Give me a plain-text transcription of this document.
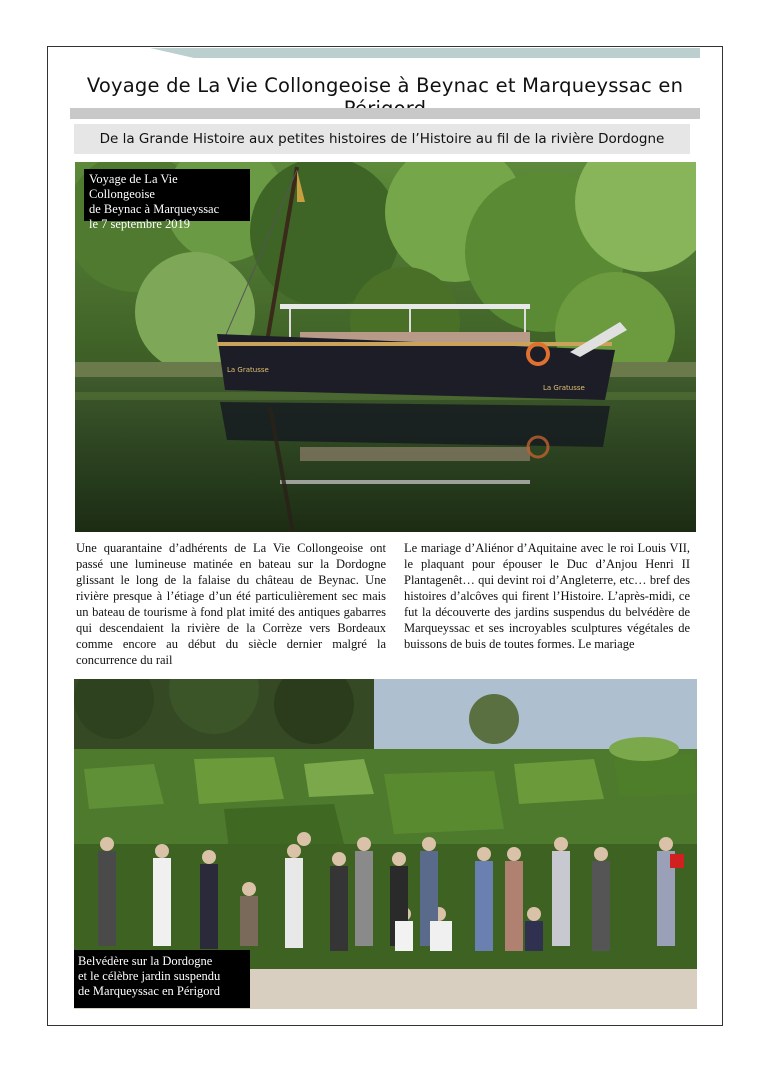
Voyage de La Vie Collongeoise à Beynac et Marqueyssac en
De la Grande Histoire aux petites histoires de l’Histoire au fil de la rivière Dordogne
La Gratusse
La Gratusse
Voyage de La Vie Collongeoise
de Beynac à Marqueyssac
le 7 septembre 2019
Une quarantaine d’adhérents de La Vie Collongeoise ont passé une lumineuse matinée en bateau sur la Dordogne glissant le long de la falaise du château de Beynac. Une rivière presque à l’étiage d’un été particulièrement sec mais un bateau de tourisme à fond plat imité des antiques gabarres qui descendaient la rivière de la Corrèze vers Bordeaux comme encore au début du siècle dernier malgré la concurrence du rail
Le mariage d’Aliénor d’Aquitaine avec le roi Louis VII, le plaquant pour épouser le Duc d’Anjou Henri II Plantagenêt… qui devint roi d’Angleterre, etc… bref des histoires d’alcôves qui firent l’Histoire. L’après-midi, ce fut la découverte des jardins suspendus du belvédère de Marqueyssac et ses incroyables sculptures végétales de buissons de buis de toutes formes. Le mariage
Belvédère sur la Dordogne
et le célèbre jardin suspendu
de Marqueyssac en Périgord
